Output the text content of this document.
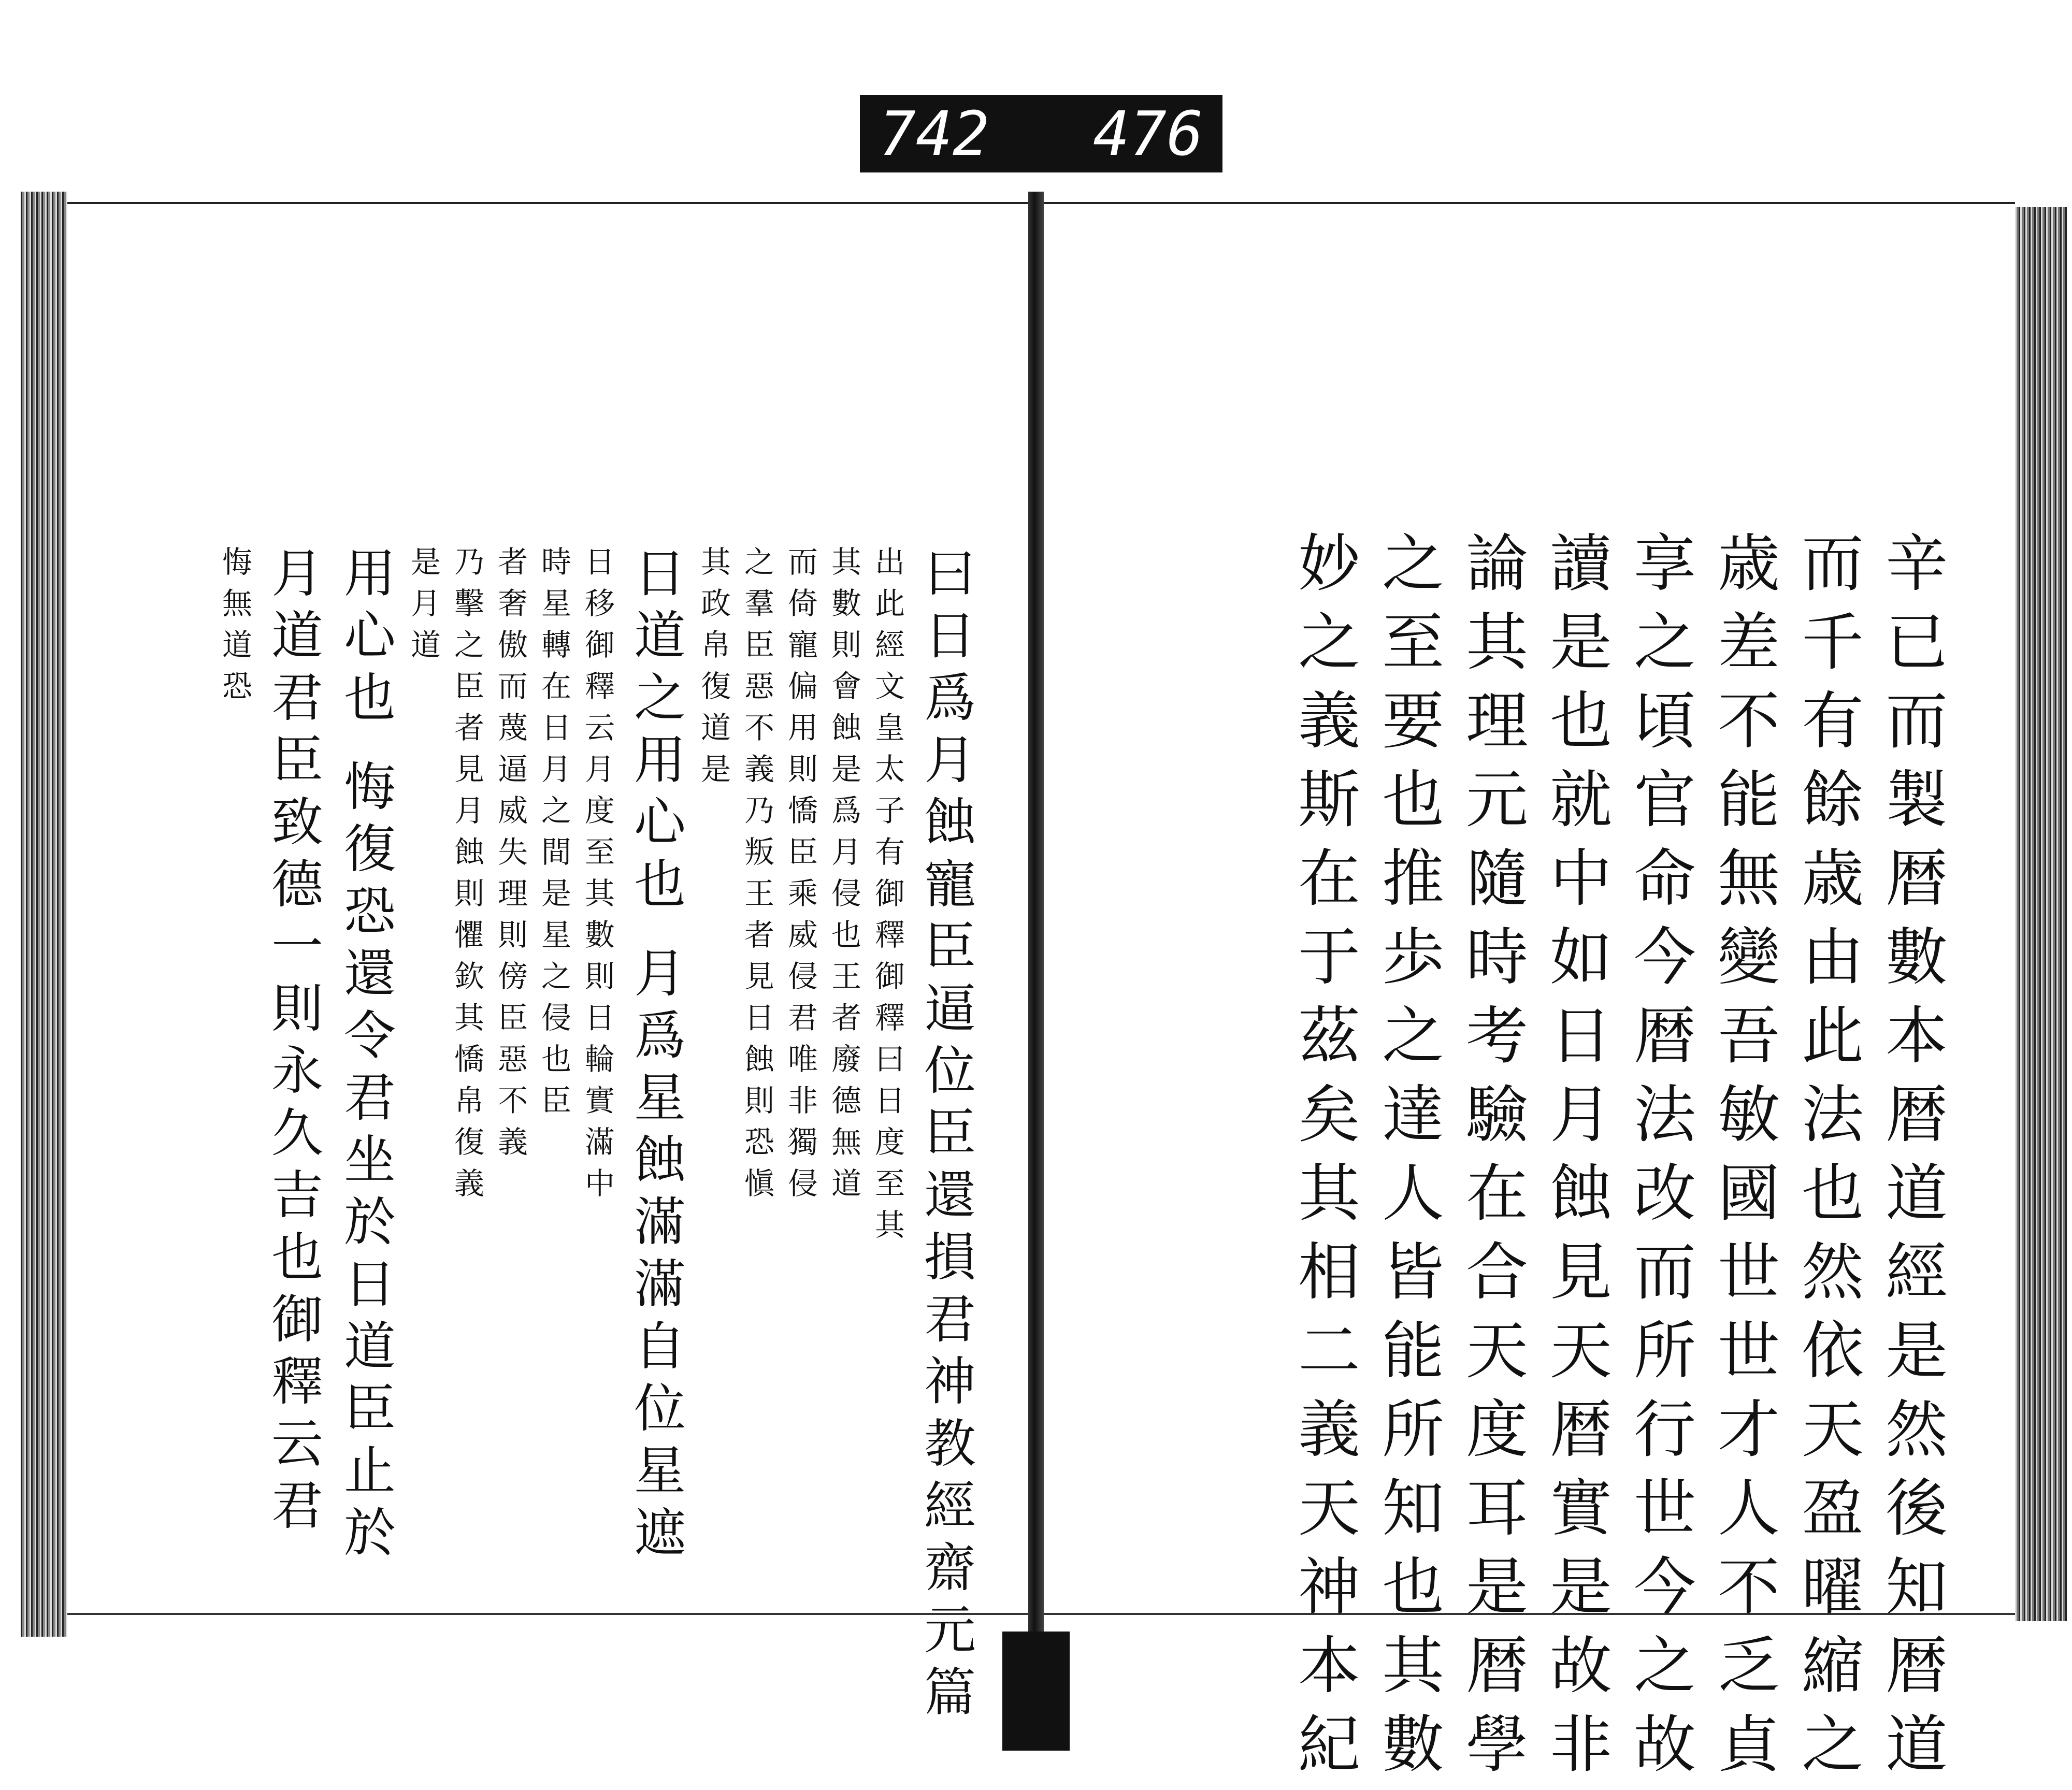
742 476
曰日爲月蝕寵臣逼位臣還損君神教經齋元篇
出此經文皇太子有御釋御釋曰日度至其
其數則會蝕是爲月侵也王者廢德無道
而倚寵偏用則憍臣乘威侵君唯非獨侵
之羣臣惡不義乃叛王者見日蝕則恐愼
其政帛復道是
日道之用心也 月爲星蝕滿滿自位星遮
日移御釋云月度至其數則日輪實滿中
時星轉在日月之間是星之侵也臣
者奢傲而蔑逼威失理則傍臣惡不義
乃擊之臣者見月蝕則懼欽其憍帛復義
是月道
用心也 悔復恐還令君坐於日道臣止於
月道君臣致德一則永久吉也御釋云君
悔無道恐	辛已而製暦數本暦道經是然後知暦道
而千有餘歳由此法也然依天盈曜縮之
歳差不能無變吾敏國世世才人不乏貞
享之頃官命今暦法改而所行世今之故
讀是也就中如日月蝕見天暦實是故非
論其理元隨時考驗在合天度耳是暦學
之至要也推歩之達人皆能所知也其數
妙之義斯在于茲矣其相二義天神本紀
